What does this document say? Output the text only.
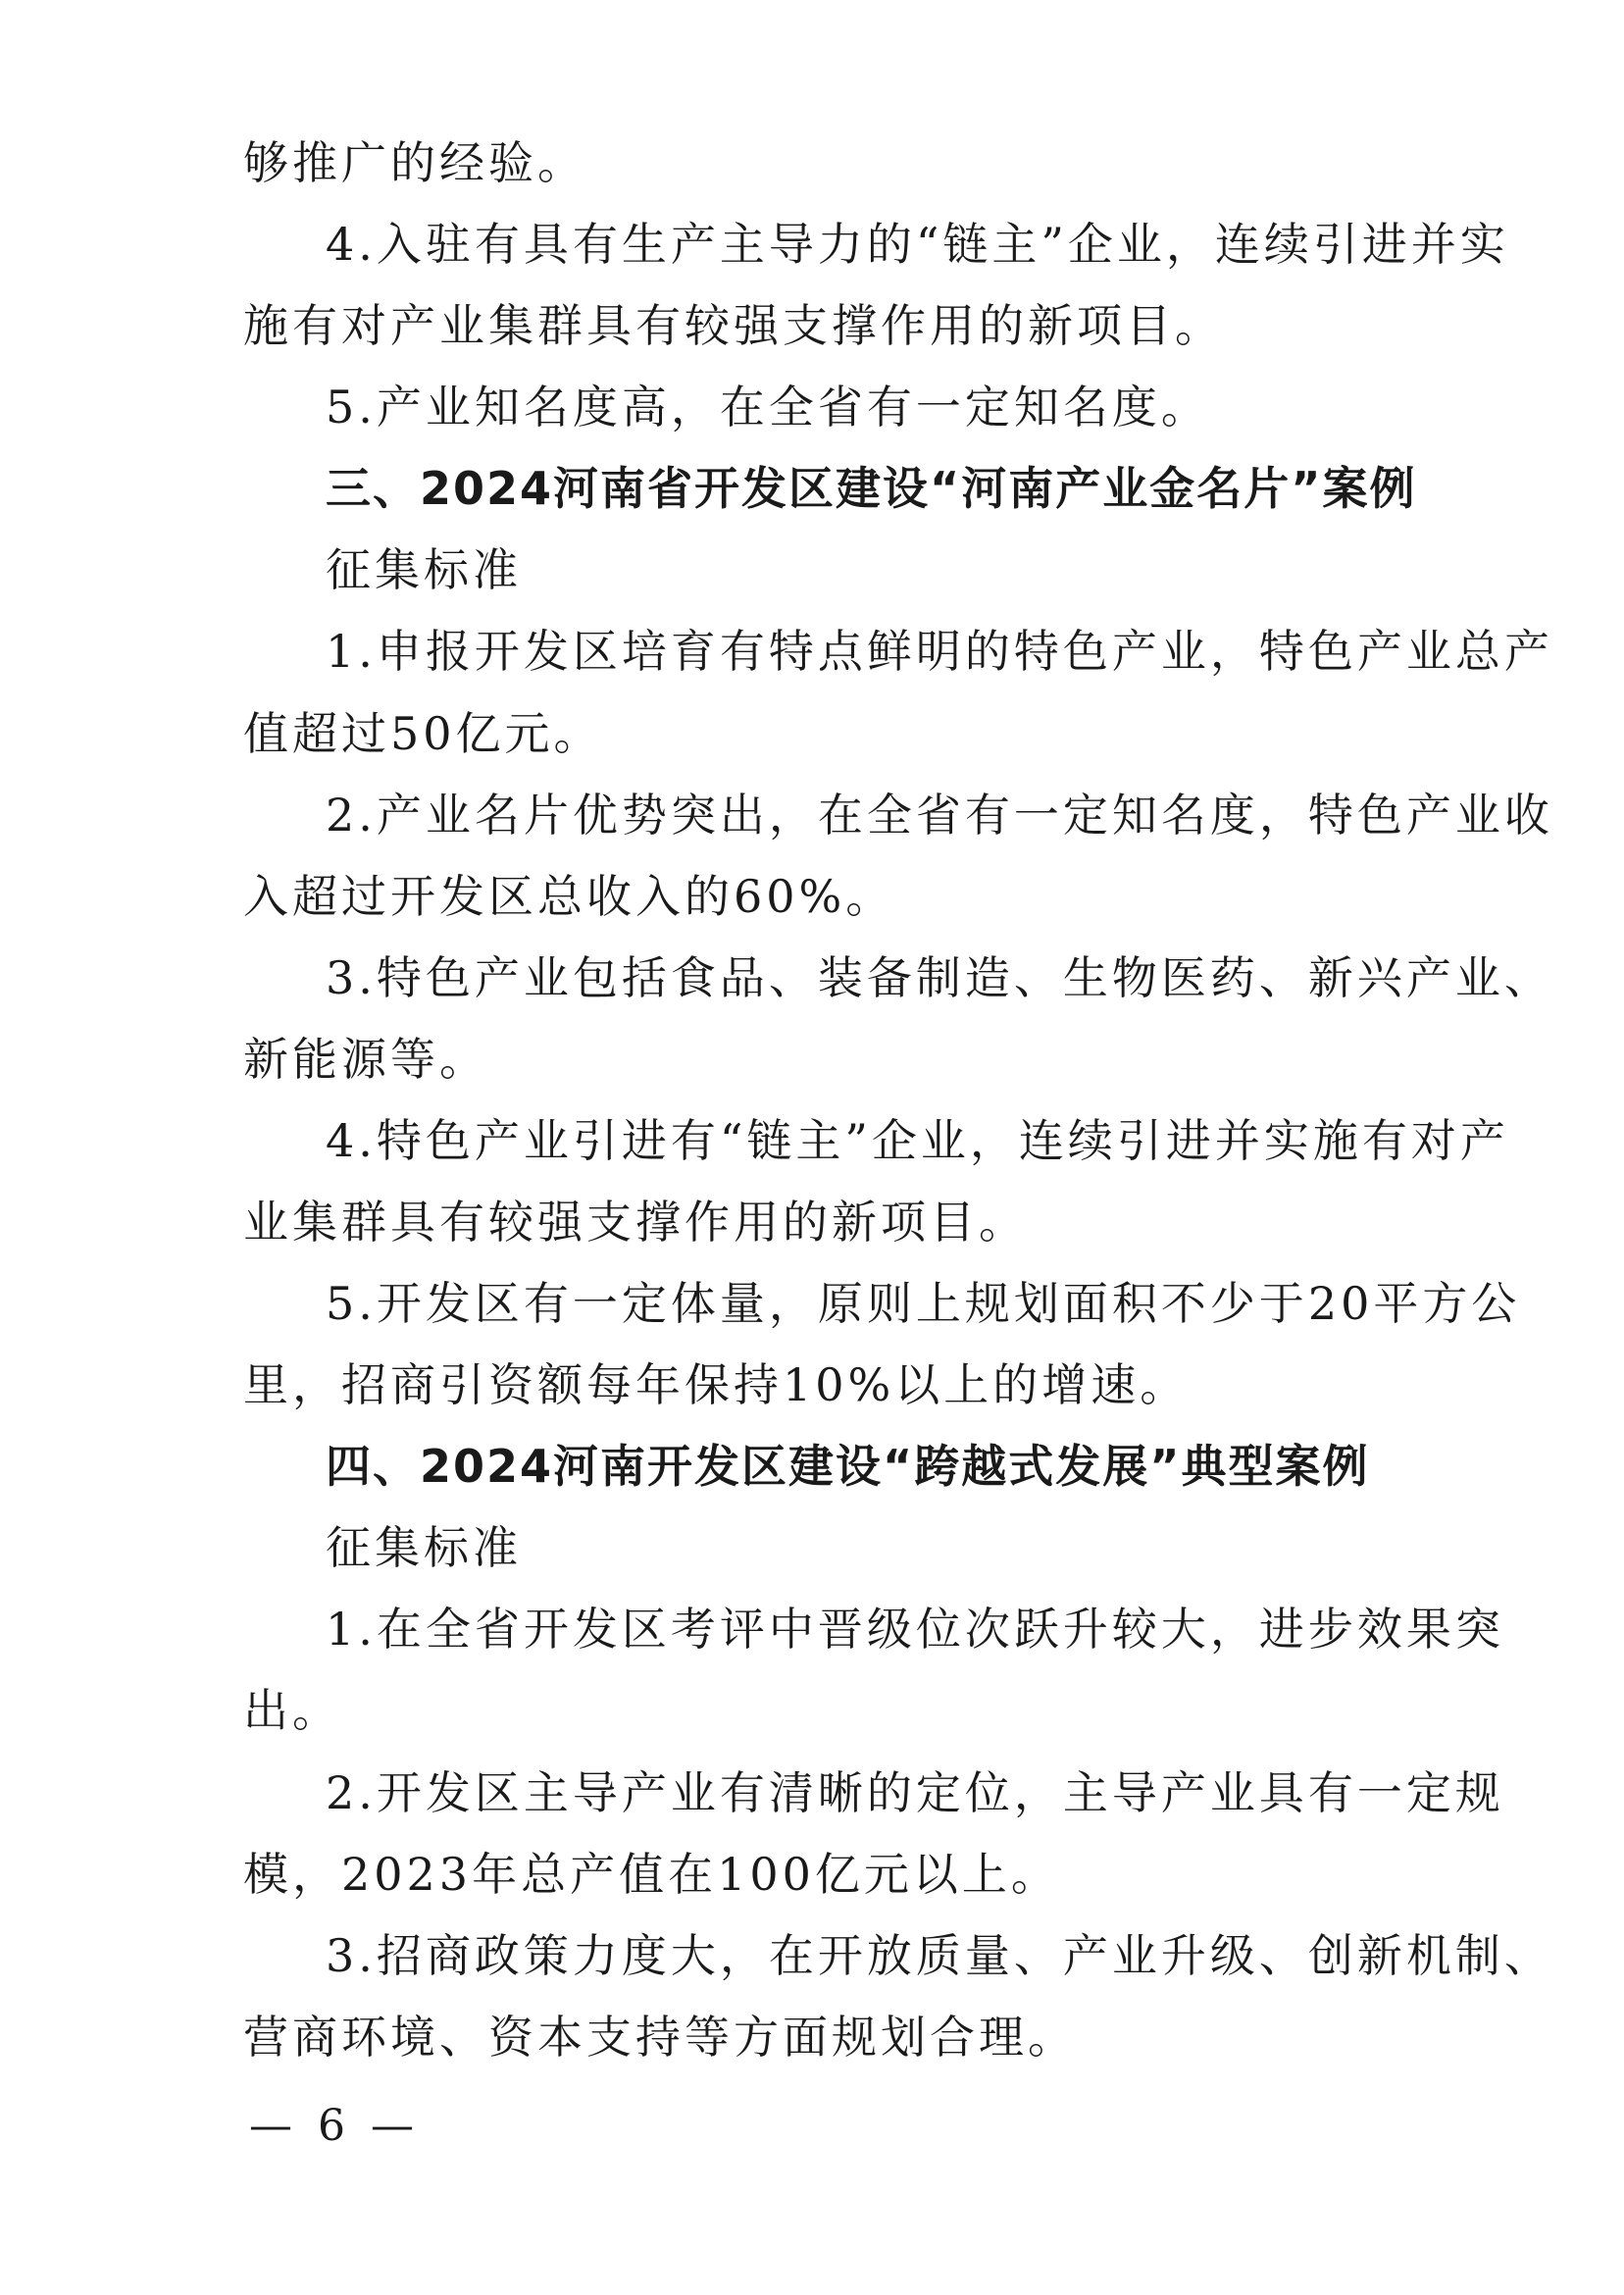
够推广的经验。
4.入驻有具有生产主导力的“链主”企业，连续引进并实
施有对产业集群具有较强支撑作用的新项目。
5.产业知名度高，在全省有一定知名度。
三、2024河南省开发区建设“河南产业金名片”案例
征集标准
1.申报开发区培育有特点鲜明的特色产业，特色产业总产
值超过50亿元。
2.产业名片优势突出，在全省有一定知名度，特色产业收
入超过开发区总收入的60%。
3.特色产业包括食品、装备制造、生物医药、新兴产业、
新能源等。
4.特色产业引进有“链主”企业，连续引进并实施有对产
业集群具有较强支撑作用的新项目。
5.开发区有一定体量，原则上规划面积不少于20平方公
里，招商引资额每年保持10%以上的增速。
四、2024河南开发区建设“跨越式发展”典型案例
征集标准
1.在全省开发区考评中晋级位次跃升较大，进步效果突
出。
2.开发区主导产业有清晰的定位，主导产业具有一定规
模，2023年总产值在100亿元以上。
3.招商政策力度大，在开放质量、产业升级、创新机制、
营商环境、资本支持等方面规划合理。
— 6 —
